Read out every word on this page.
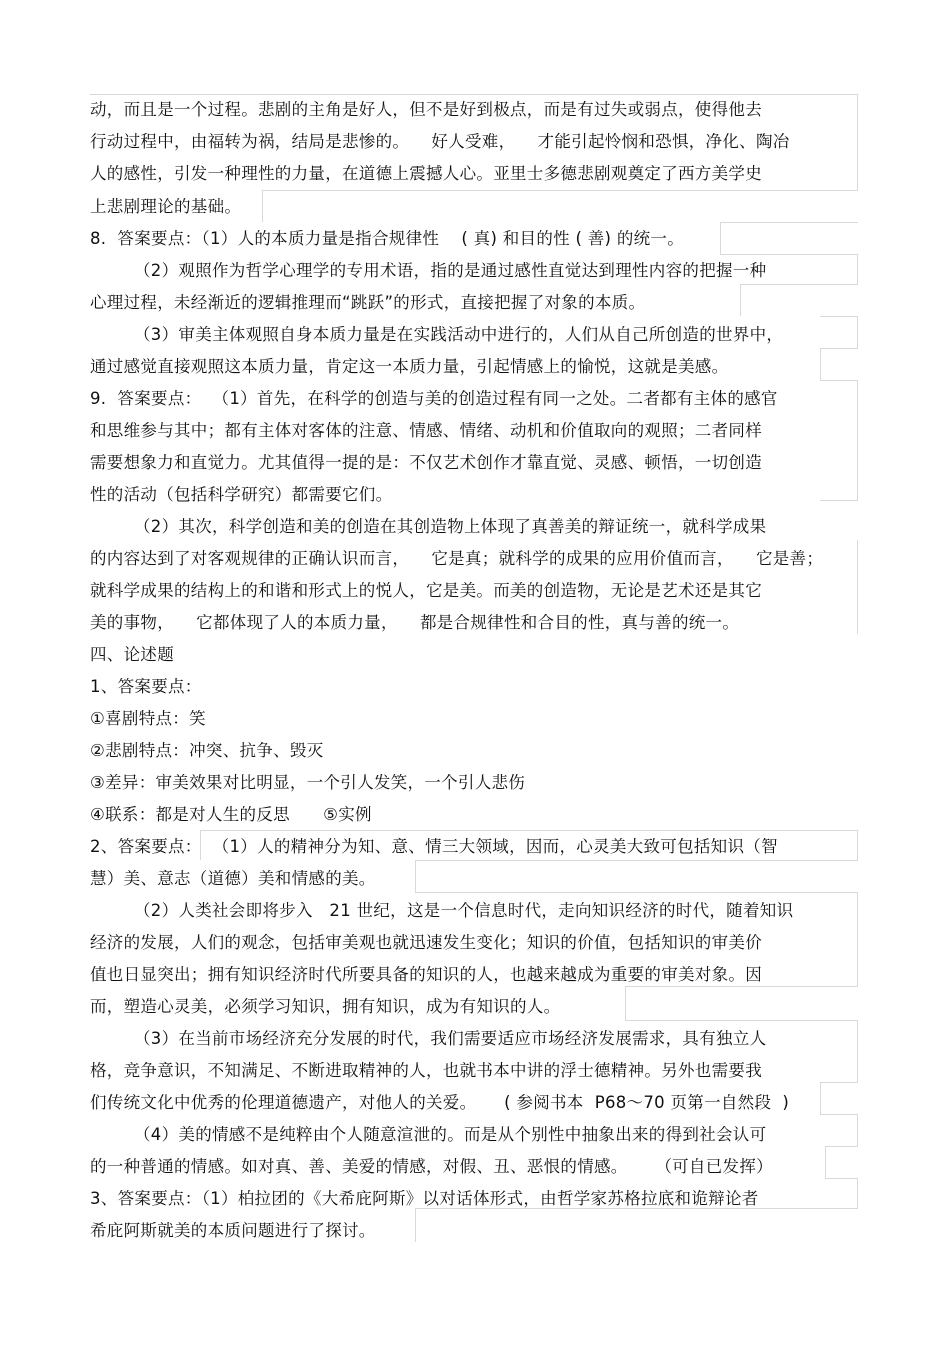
动，而且是一个过程。悲剧的主角是好人，但不是好到极点，而是有过失或弱点，使得他去
行动过程中，由福转为祸，结局是悲惨的。    好人受难，    才能引起怜悯和恐惧，净化、陶冶
人的感性，引发一种理性的力量，在道德上震撼人心。亚里士多德悲剧观奠定了西方美学史
上悲剧理论的基础。
8.  答案要点：（1）人的本质力量是指合规律性    ( 真) 和目的性 ( 善) 的统一。
（2）观照作为哲学心理学的专用术语，指的是通过感性直觉达到理性内容的把握一种
心理过程，未经渐近的逻辑推理而“跳跃”的形式，直接把握了对象的本质。
（3）审美主体观照自身本质力量是在实践活动中进行的，人们从自己所创造的世界中，
通过感觉直接观照这本质力量，肯定这一本质力量，引起情感上的愉悦，这就是美感。
9.  答案要点：  （1）首先，在科学的创造与美的创造过程有同一之处。二者都有主体的感官
和思维参与其中；都有主体对客体的注意、情感、情绪、动机和价值取向的观照；二者同样
需要想象力和直觉力。尤其值得一提的是：不仅艺术创作才靠直觉、灵感、顿悟，一切创造
性的活动（包括科学研究）都需要它们。
（2）其次，科学创造和美的创造在其创造物上体现了真善美的辩证统一，就科学成果
的内容达到了对客观规律的正确认识而言，    它是真；就科学的成果的应用价值而言，    它是善；
就科学成果的结构上的和谐和形式上的悦人，它是美。而美的创造物，无论是艺术还是其它
美的事物，    它都体现了人的本质力量，    都是合规律性和合目的性，真与善的统一。
四、论述题
1、答案要点：
①喜剧特点：笑
②悲剧特点：冲突、抗争、毁灭
③差异：审美效果对比明显，一个引人发笑，一个引人悲伤
④联系：都是对人生的反思      ⑤实例
2、答案要点：  （1）人的精神分为知、意、情三大领域，因而，心灵美大致可包括知识（智
慧）美、意志（道德）美和情感的美。
（2）人类社会即将步入   21 世纪，这是一个信息时代，走向知识经济的时代，随着知识
经济的发展，人们的观念，包括审美观也就迅速发生变化；知识的价值，包括知识的审美价
值也日显突出；拥有知识经济时代所要具备的知识的人，也越来越成为重要的审美对象。因
而，塑造心灵美，必须学习知识，拥有知识，成为有知识的人。
（3）在当前市场经济充分发展的时代，我们需要适应市场经济发展需求，具有独立人
格，竞争意识，不知满足、不断进取精神的人，也就书本中讲的浮士德精神。另外也需要我
们传统文化中优秀的伦理道德遗产，对他人的关爱。     ( 参阅书本  P68～70 页第一自然段  )
（4）美的情感不是纯粹由个人随意渲泄的。而是从个别性中抽象出来的得到社会认可
的一种普通的情感。如对真、善、美爱的情感，对假、丑、恶恨的情感。     （可自已发挥）
3、答案要点：（1）柏拉团的《大希庇阿斯》以对话体形式，由哲学家苏格拉底和诡辩论者
希庇阿斯就美的本质问题进行了探讨。
